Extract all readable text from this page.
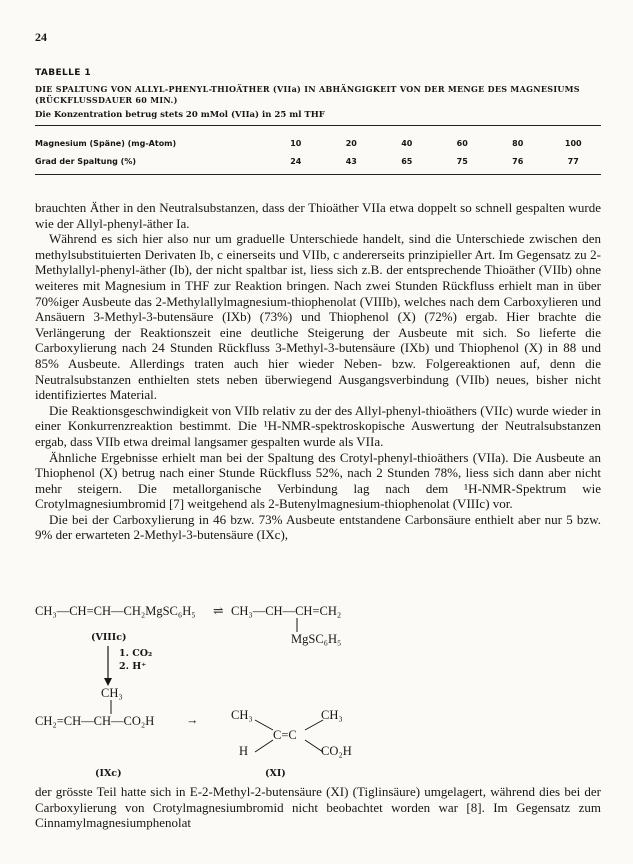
24
TABELLE 1
DIE SPALTUNG VON ALLYL-PHENYL-THIOÄTHER (VIIa) IN ABHÄNGIGKEIT VON DER MENGE DES MAGNESIUMS (RÜCKFLUSSDAUER 60 MIN.)
Die Konzentration betrug stets 20 mMol (VIIa) in 25 ml THF
Magnesium (Späne) (mg-Atom)	10	20	40	60	80	100
Grad der Spaltung (%)	24	43	65	75	76	77

brauchten Äther in den Neutralsubstanzen, dass der Thioäther VIIa etwa doppelt so schnell gespalten wurde wie der Allyl-phenyl-äther Ia.

Während es sich hier also nur um graduelle Unterschiede handelt, sind die Unterschiede zwischen den methylsubstituierten Derivaten Ib, c einerseits und VIIb, c andererseits prinzipieller Art. Im Gegensatz zu 2-Methylallyl-phenyl-äther (Ib), der nicht spaltbar ist, liess sich z.B. der entsprechende Thioäther (VIIb) ohne weiteres mit Magnesium in THF zur Reaktion bringen. Nach zwei Stunden Rückfluss erhielt man in über 70%iger Ausbeute das 2-Methylallylmagnesium-thiophenolat (VIIIb), welches nach dem Carboxylieren und Ansäuern 3-Methyl-3-butensäure (IXb) (73%) und Thiophenol (X) (72%) ergab. Hier brachte die Verlängerung der Reaktionszeit eine deutliche Steigerung der Ausbeute mit sich. So lieferte die Carboxylierung nach 24 Stunden Rückfluss 3-Methyl-3-butensäure (IXb) und Thiophenol (X) in 88 und 85% Ausbeute. Allerdings traten auch hier wieder Neben- bzw. Folgereaktionen auf, denn die Neutralsubstanzen enthielten stets neben überwiegend Ausgangsverbindung (VIIb) neues, bisher nicht identifiziertes Material.

Die Reaktionsgeschwindigkeit von VIIb relativ zu der des Allyl-phenyl-thioäthers (VIIc) wurde wieder in einer Konkurrenzreaktion bestimmt. Die ¹H-NMR-spektroskopische Auswertung der Neutralsubstanzen ergab, dass VIIb etwa dreimal langsamer gespalten wurde als VIIa.

Ähnliche Ergebnisse erhielt man bei der Spaltung des Crotyl-phenyl-thioäthers (VIIa). Die Ausbeute an Thiophenol (X) betrug nach einer Stunde Rückfluss 52%, nach 2 Stunden 78%, liess sich dann aber nicht mehr steigern. Die metallorganische Verbindung lag nach dem ¹H-NMR-Spektrum wie Crotylmagnesiumbromid [7] weitgehend als 2-Butenylmagnesium-thiophenolat (VIIIc) vor.

Die bei der Carboxylierung in 46 bzw. 73% Ausbeute entstandene Carbonsäure enthielt aber nur 5 bzw. 9% der erwarteten 2-Methyl-3-butensäure (IXc),

CH₃—CH=CH—CH₂MgSC₆H₅ ⇌ CH₃—CH—CH=CH₂
MgSC₆H₅
(VIIIc)
1. CO₂
2. H⁺
CH₃
CH₂=CH—CH—CO₂H	→	CH₃	CH₃
C=C
H	CO₂H
(IXc)	(XI)

der grösste Teil hatte sich in E-2-Methyl-2-butensäure (XI) (Tiglinsäure) umgelagert, während dies bei der Carboxylierung von Crotylmagnesiumbromid nicht beobachtet worden war [8]. Im Gegensatz zum Cinnamylmagnesiumphenolat
